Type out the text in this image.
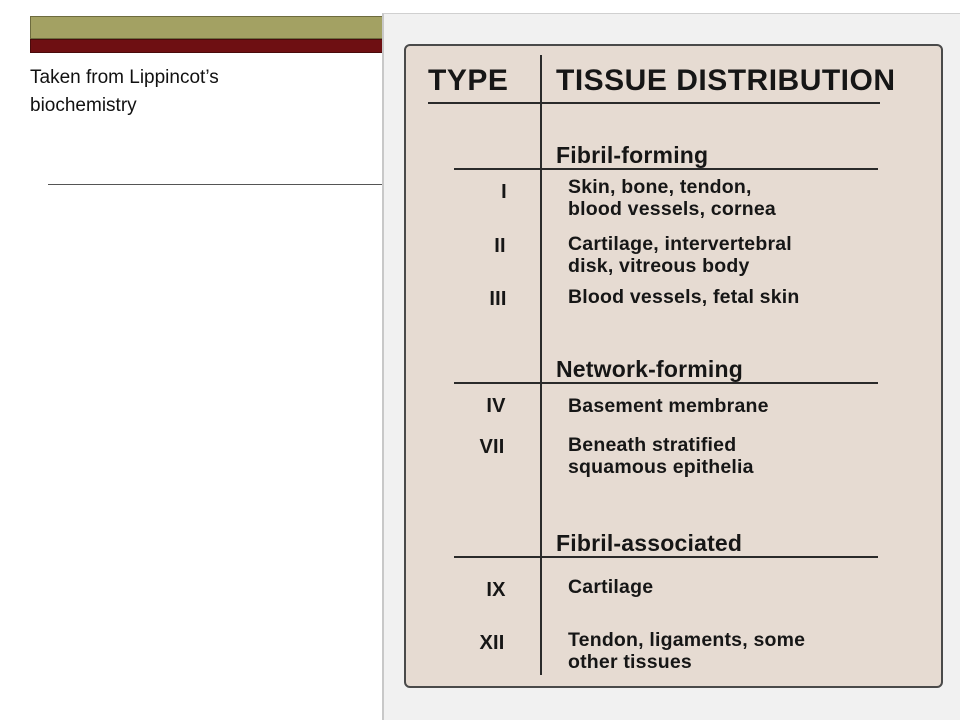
Taken from Lippincot’s
biochemistry
TYPE TISSUE DISTRIBUTION
Fibril-forming
I	Skin, bone, tendon,
blood vessels, cornea
II	Cartilage, intervertebral
disk, vitreous body
III	Blood vessels, fetal skin
Network-forming
IV	Basement membrane
VII	Beneath stratified
squamous epithelia
Fibril-associated
IX	Cartilage
XII	Tendon, ligaments, some
other tissues
